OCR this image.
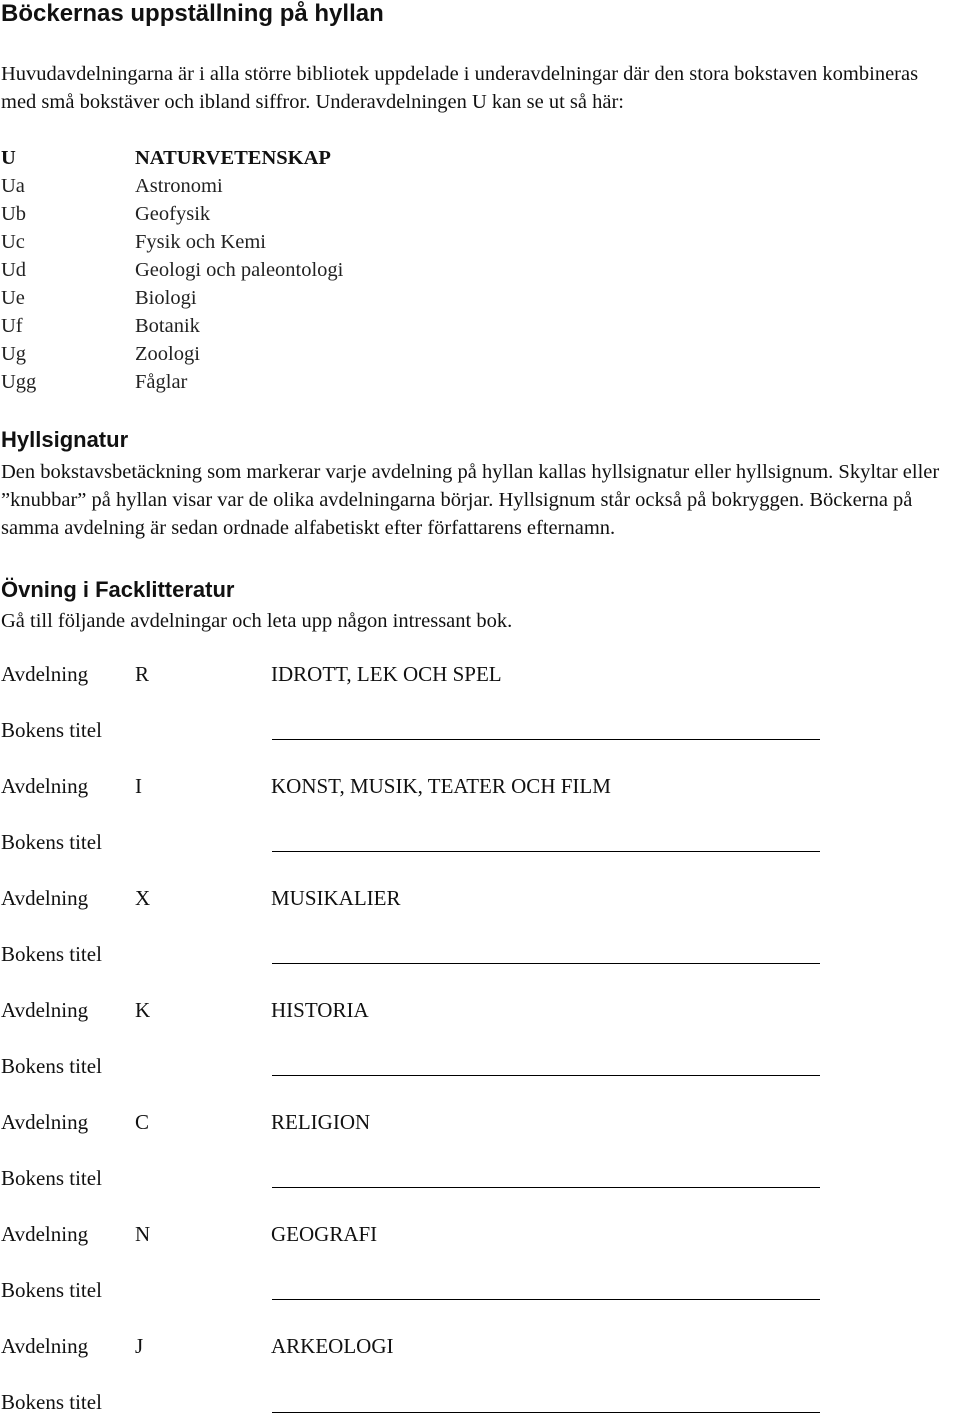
Böckernas uppställning på hyllan
Huvudavdelningarna är i alla större bibliotek uppdelade i underavdelningar där den stora bokstaven kombineras med små bokstäver och ibland siffror. Underavdelningen U kan se ut så här:
U	NATURVETENSKAP
Ua	Astronomi
Ub	Geofysik
Uc	Fysik och Kemi
Ud	Geologi och paleontologi
Ue	Biologi
Uf	Botanik
Ug	Zoologi
Ugg	Fåglar
Hyllsignatur
Den bokstavsbetäckning som markerar varje avdelning på hyllan kallas hyllsignatur eller hyllsignum. Skyltar eller ”knubbar” på hyllan visar var de olika avdelningarna börjar. Hyllsignum står också på bokryggen. Böckerna på samma avdelning är sedan ordnade alfabetiskt efter författarens efternamn.
Övning i Facklitteratur
Gå till följande avdelningar och leta upp någon intressant bok.
Avdelning R	IDROTT, LEK OCH SPEL
Bokens titel
Avdelning I	KONST, MUSIK, TEATER OCH FILM
Bokens titel
Avdelning X	MUSIKALIER
Bokens titel
Avdelning K	HISTORIA
Bokens titel
Avdelning C	RELIGION
Bokens titel
Avdelning N	GEOGRAFI
Bokens titel
Avdelning J	ARKEOLOGI
Bokens titel
